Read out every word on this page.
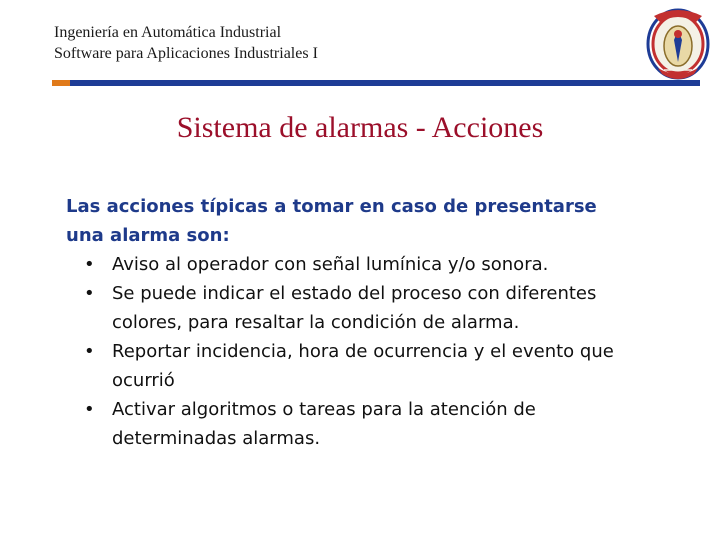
Ingeniería en Automática Industrial
Software para Aplicaciones Industriales I
Sistema de alarmas - Acciones
Las acciones típicas a tomar en caso de presentarse
una alarma son:
• Aviso al operador con señal lumínica y/o sonora.
• Se puede indicar el estado del proceso con diferentes
colores, para resaltar la condición de alarma.
• Reportar incidencia, hora de ocurrencia y el evento que
ocurrió
• Activar algoritmos o tareas para la atención de
determinadas alarmas.
